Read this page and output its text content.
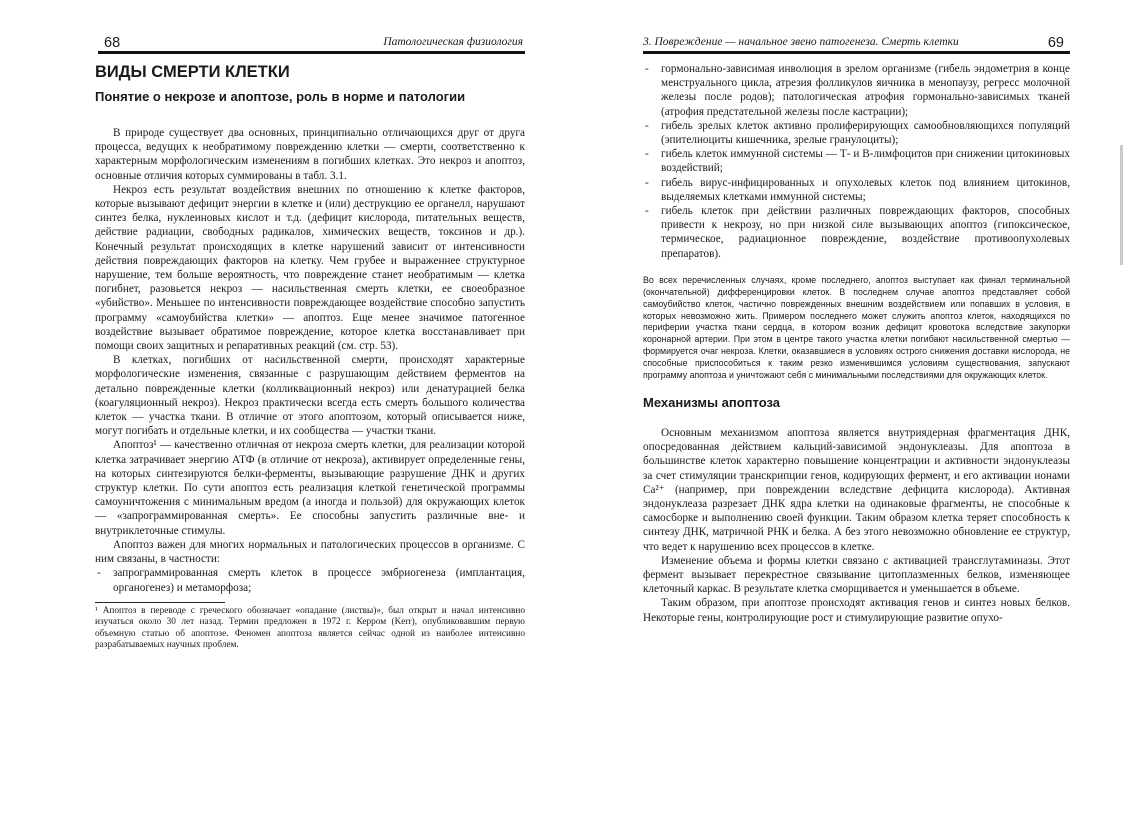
68	Патологическая физиология
ВИДЫ СМЕРТИ КЛЕТКИ
Понятие о некрозе и апоптозе, роль в норме и патологии

В природе существует два основных, принципиально отличающихся друг от друга процесса, ведущих к необратимому повреждению клетки — смерти, соответственно к характерным морфологическим изменениям в погибших клетках. Это некроз и апоптоз, основные отличия которых суммированы в табл. 3.1.

Некроз есть результат воздействия внешних по отношению к клетке факторов, которые вызывают дефицит энергии в клетке и (или) деструкцию ее органелл, нарушают синтез белка, нуклеиновых кислот и т.д. (дефицит кислорода, питательных веществ, действие радиации, свободных радикалов, химических веществ, токсинов и др.). Конечный результат происходящих в клетке нарушений зависит от интенсивности действия повреждающих факторов на клетку. Чем грубее и выраженнее структурное нарушение, тем больше вероятность, что повреждение станет необратимым — клетка погибнет, разовьется некроз — насильственная смерть клетки, ее своеобразное «убийство». Меньшее по интенсивности повреждающее воздействие способно запустить программу «самоубийства клетки» — апоптоз. Еще менее значимое патогенное воздействие вызывает обратимое повреждение, которое клетка восстанавливает при помощи своих защитных и репаративных реакций (см. стр. 53).

В клетках, погибших от насильственной смерти, происходят характерные морфологические изменения, связанные с разрушающим действием ферментов на детально поврежденные клетки (колликвационный некроз) или денатурацией белка (коагуляционный некроз). Некроз практически всегда есть смерть большого количества клеток — участка ткани. В отличие от этого апоптозом, который описывается ниже, могут погибать и отдельные клетки, и их сообщества — участки ткани.

Апоптоз¹ — качественно отличная от некроза смерть клетки, для реализации которой клетка затрачивает энергию АТФ (в отличие от некроза), активирует определенные гены, на которых синтезируются белки-ферменты, вызывающие разрушение ДНК и других структур клетки. По сути апоптоз есть реализация клеткой генетической программы самоуничтожения с минимальным вредом (а иногда и пользой) для окружающих клеток — «запрограммированная смерть». Ее способны запустить различные вне- и внутриклеточные стимулы.

Апоптоз важен для многих нормальных и патологических процессов в организме. С ним связаны, в частности:

- запрограммированная смерть клеток в процессе эмбриогенеза (имплантация, органогенез) и метаморфоза;

¹ Апоптоз в переводе с греческого обозначает «опадание (листвы)», был открыт и начал интенсивно изучаться около 30 лет назад. Термин предложен в 1972 г. Керром (Kerr), опубликовавшим первую объемную статью об апоптозе. Феномен апоптоза является сейчас одной из наиболее интенсивно разрабатываемых научных проблем.

3. Повреждение — начальное звено патогенеза. Смерть клетки	69
- гормонально-зависимая инволюция в зрелом организме (гибель эндометрия в конце менструального цикла, атрезия фолликулов яичника в менопаузу, регресс молочной железы после родов); патологическая атрофия гормонально-зависимых тканей (атрофия предстательной железы после кастрации);
- гибель зрелых клеток активно пролиферирующих самообновляющихся популяций (эпителиоциты кишечника, зрелые гранулоциты);
- гибель клеток иммунной системы — Т- и В-лимфоцитов при снижении цитокиновых воздействий;
- гибель вирус-инфицированных и опухолевых клеток под влиянием цитокинов, выделяемых клетками иммунной системы;
- гибель клеток при действии различных повреждающих факторов, способных привести к некрозу, но при низкой силе вызывающих апоптоз (гипоксическое, термическое, радиационное повреждение, воздействие противоопухолевых препаратов).

Во всех перечисленных случаях, кроме последнего, апоптоз выступает как финал терминальной (окончательной) дифференцировки клеток. В последнем случае апоптоз представляет собой самоубийство клеток, частично поврежденных внешним воздействием или попавших в условия, в которых невозможно жить. Примером последнего может служить апоптоз клеток, находящихся по периферии участка ткани сердца, в котором возник дефицит кровотока вследствие закупорки коронарной артерии. При этом в центре такого участка клетки погибают насильственной смертью — формируется очаг некроза. Клетки, оказавшиеся в условиях острого снижения доставки кислорода, не способные приспособиться к таким резко изменившимся условиям существования, запускают программу апоптоза и уничтожают себя с минимальными последствиями для окружающих клеток.

Механизмы апоптоза

Основным механизмом апоптоза является внутриядерная фрагментация ДНК, опосредованная действием кальций-зависимой эндонуклеазы. Для апоптоза в большинстве клеток характерно повышение концентрации и активности эндонуклеазы за счет стимуляции транскрипции генов, кодирующих фермент, и его активации ионами Са²⁺ (например, при повреждении вследствие дефицита кислорода). Активная эндонуклеаза разрезает ДНК ядра клетки на одинаковые фрагменты, не способные к самосборке и выполнению своей функции. Таким образом клетка теряет способность к синтезу ДНК, матричной РНК и белка. А без этого невозможно обновление ее структур, что ведет к нарушению всех процессов в клетке.

Изменение объема и формы клетки связано с активацией трансглутаминазы. Этот фермент вызывает перекрестное связывание цитоплазменных белков, изменяющее клеточный каркас. В результате клетка сморщивается и уменьшается в объеме.

Таким образом, при апоптозе происходят активация генов и синтез новых белков. Некоторые гены, контролирующие рост и стимулирующие развитие опухо-
